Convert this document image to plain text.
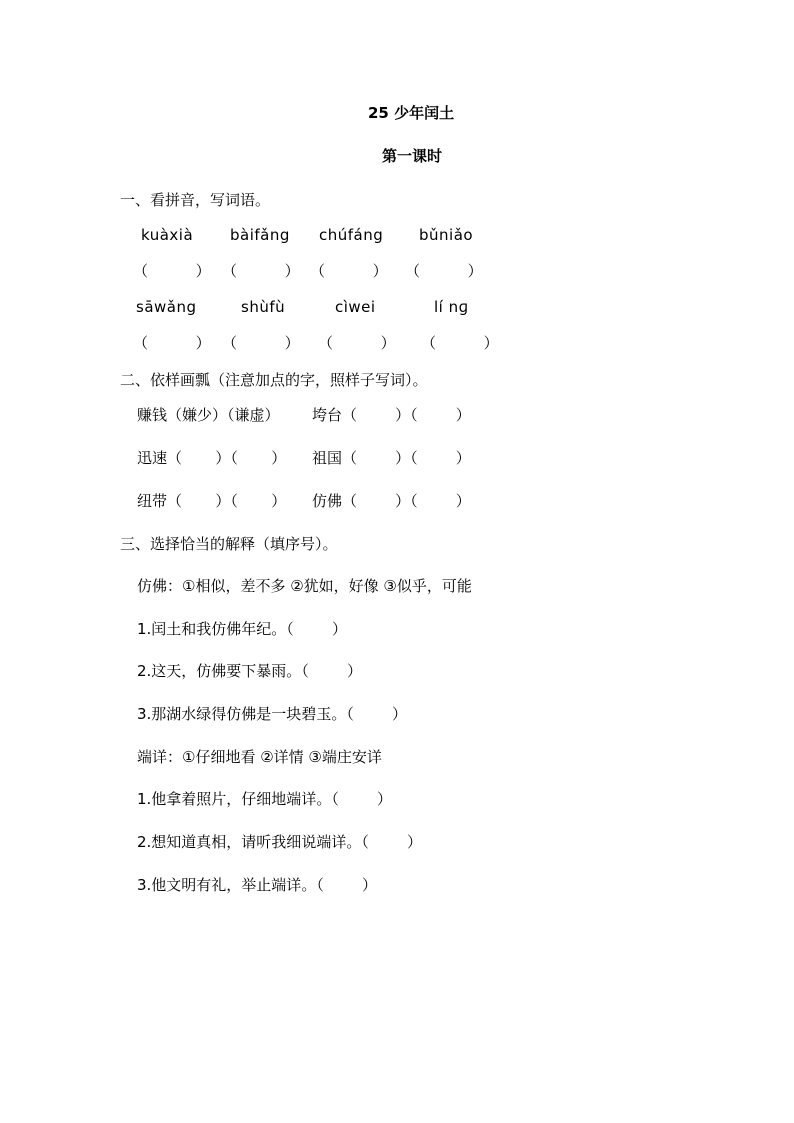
25 少年闰土
第一课时
一、看拼音，写词语。
kuàxià bàifǎng chúfáng bǔniǎo
（          ） （          ） （          ） （          ）
sāwǎng	shùfù	cìwei	lí nɡ
（          ） （          ） （          ） （          ）
二、依样画瓢（注意加点的字，照样子写词）。
赚钱（嫌少）（谦虚） 垮台（        ）（        ）
迅速（       ）（       ） 祖国（        ）（        ）
纽带（       ）（       ） 仿佛（        ）（        ）
三、选择恰当的解释（填序号）。
仿佛：①相似，差不多 ②犹如，好像 ③似乎，可能
1.闰土和我仿佛年纪。（        ）
2.这天，仿佛要下暴雨。（        ）
3.那湖水绿得仿佛是一块碧玉。（        ）
端详：①仔细地看 ②详情 ③端庄安详
1.他拿着照片，仔细地端详。（        ）
2.想知道真相，请听我细说端详。（        ）
3.他文明有礼，举止端详。（        ）
